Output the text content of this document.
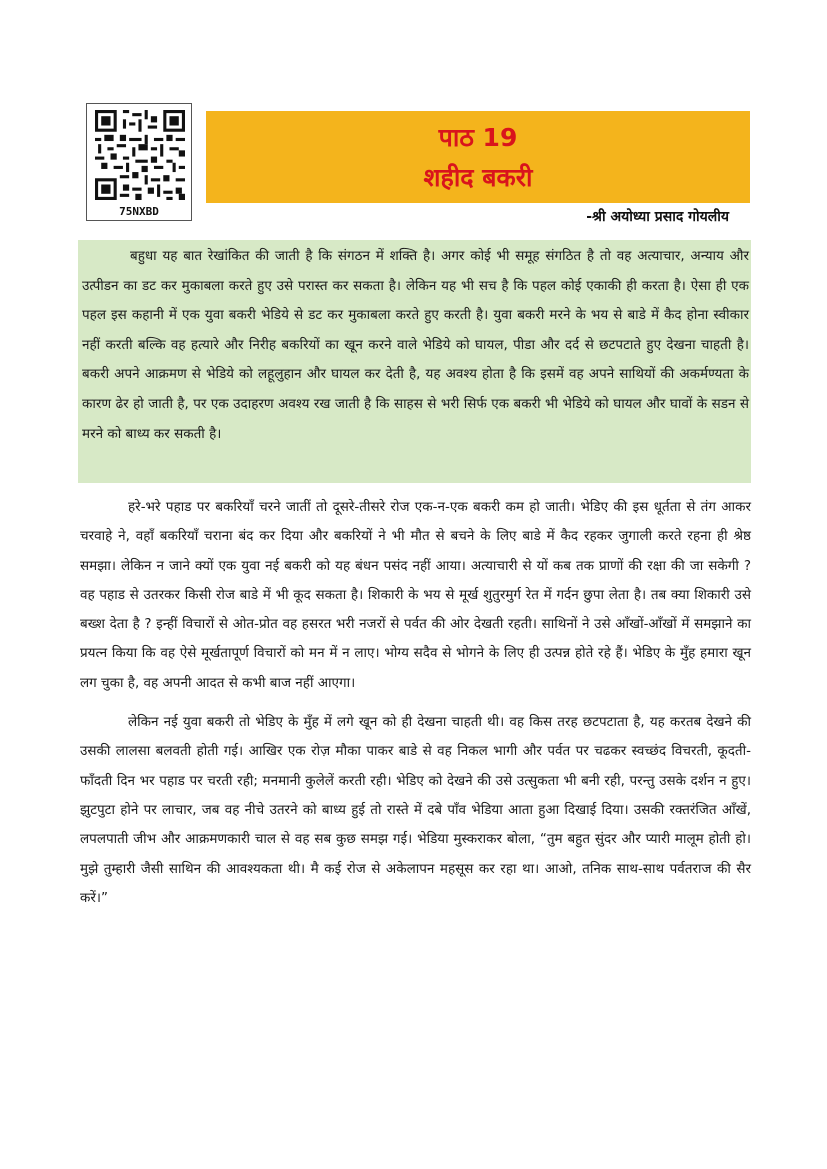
75NXBD
पाठ 19
शहीद बकरी
-श्री अयोध्या प्रसाद गोयलीय

बहुधा यह बात रेखांकित की जाती है कि संगठन में शक्ति है। अगर कोई भी समूह संगठित है तो वह अत्याचार, अन्याय और उत्पीडन का डट कर मुकाबला करते हुए उसे परास्त कर सकता है। लेकिन यह भी सच है कि पहल कोई एकाकी ही करता है। ऐसा ही एक पहल इस कहानी में एक युवा बकरी भेडिये से डट कर मुकाबला करते हुए करती है। युवा बकरी मरने के भय से बाडे में कैद होना स्वीकार नहीं करती बल्कि वह हत्यारे और निरीह बकरियों का खून करने वाले भेडिये को घायल, पीडा और दर्द से छटपटाते हुए देखना चाहती है। बकरी अपने आक्रमण से भेडिये को लहूलुहान और घायल कर देती है, यह अवश्य होता है कि इसमें वह अपने साथियों की अकर्मण्यता के कारण ढेर हो जाती है, पर एक उदाहरण अवश्य रख जाती है कि साहस से भरी सिर्फ एक बकरी भी भेडिये को घायल और घावों के सडन से मरने को बाध्य कर सकती है।

हरे-भरे पहाड पर बकरियाँ चरने जातीं तो दूसरे-तीसरे रोज एक-न-एक बकरी कम हो जाती। भेडिए की इस धूर्तता से तंग आकर चरवाहे ने, वहाँ बकरियाँ चराना बंद कर दिया और बकरियों ने भी मौत से बचने के लिए बाडे में कैद रहकर जुगाली करते रहना ही श्रेष्ठ समझा। लेकिन न जाने क्यों एक युवा नई बकरी को यह बंधन पसंद नहीं आया। अत्याचारी से यों कब तक प्राणों की रक्षा की जा सकेगी ? वह पहाड से उतरकर किसी रोज बाडे में भी कूद सकता है। शिकारी के भय से मूर्ख शुतुरमुर्ग रेत में गर्दन छुपा लेता है। तब क्या शिकारी उसे बख्श देता है ? इन्हीं विचारों से ओत-प्रोत वह हसरत भरी नजरों से पर्वत की ओर देखती रहती। साथिनों ने उसे आँखों-आँखों में समझाने का प्रयत्न किया कि वह ऐसे मूर्खतापूर्ण विचारों को मन में न लाए। भोग्य सदैव से भोगने के लिए ही उत्पन्न होते रहे हैं। भेडिए के मुँह हमारा खून लग चुका है, वह अपनी आदत से कभी बाज नहीं आएगा।

लेकिन नई युवा बकरी तो भेडिए के मुँह में लगे खून को ही देखना चाहती थी। वह किस तरह छटपटाता है, यह करतब देखने की उसकी लालसा बलवती होती गई। आखिर एक रोज़ मौका पाकर बाडे से वह निकल भागी और पर्वत पर चढकर स्वच्छंद विचरती, कूदती- फाँदती दिन भर पहाड पर चरती रही; मनमानी कुलेलें करती रही। भेडिए को देखने की उसे उत्सुकता भी बनी रही, परन्तु उसके दर्शन न हुए। झुटपुटा होने पर लाचार, जब वह नीचे उतरने को बाध्य हुई तो रास्ते में दबे पाँव भेडिया आता हुआ दिखाई दिया। उसकी रक्तरंजित आँखें, लपलपाती जीभ और आक्रमणकारी चाल से वह सब कुछ समझ गई। भेडिया मुस्कराकर बोला, “तुम बहुत सुंदर और प्यारी मालूम होती हो। मुझे तुम्हारी जैसी साथिन की आवश्यकता थी। मै कई रोज से अकेलापन महसूस कर रहा था। आओ, तनिक साथ-साथ पर्वतराज की सैर करें।”
